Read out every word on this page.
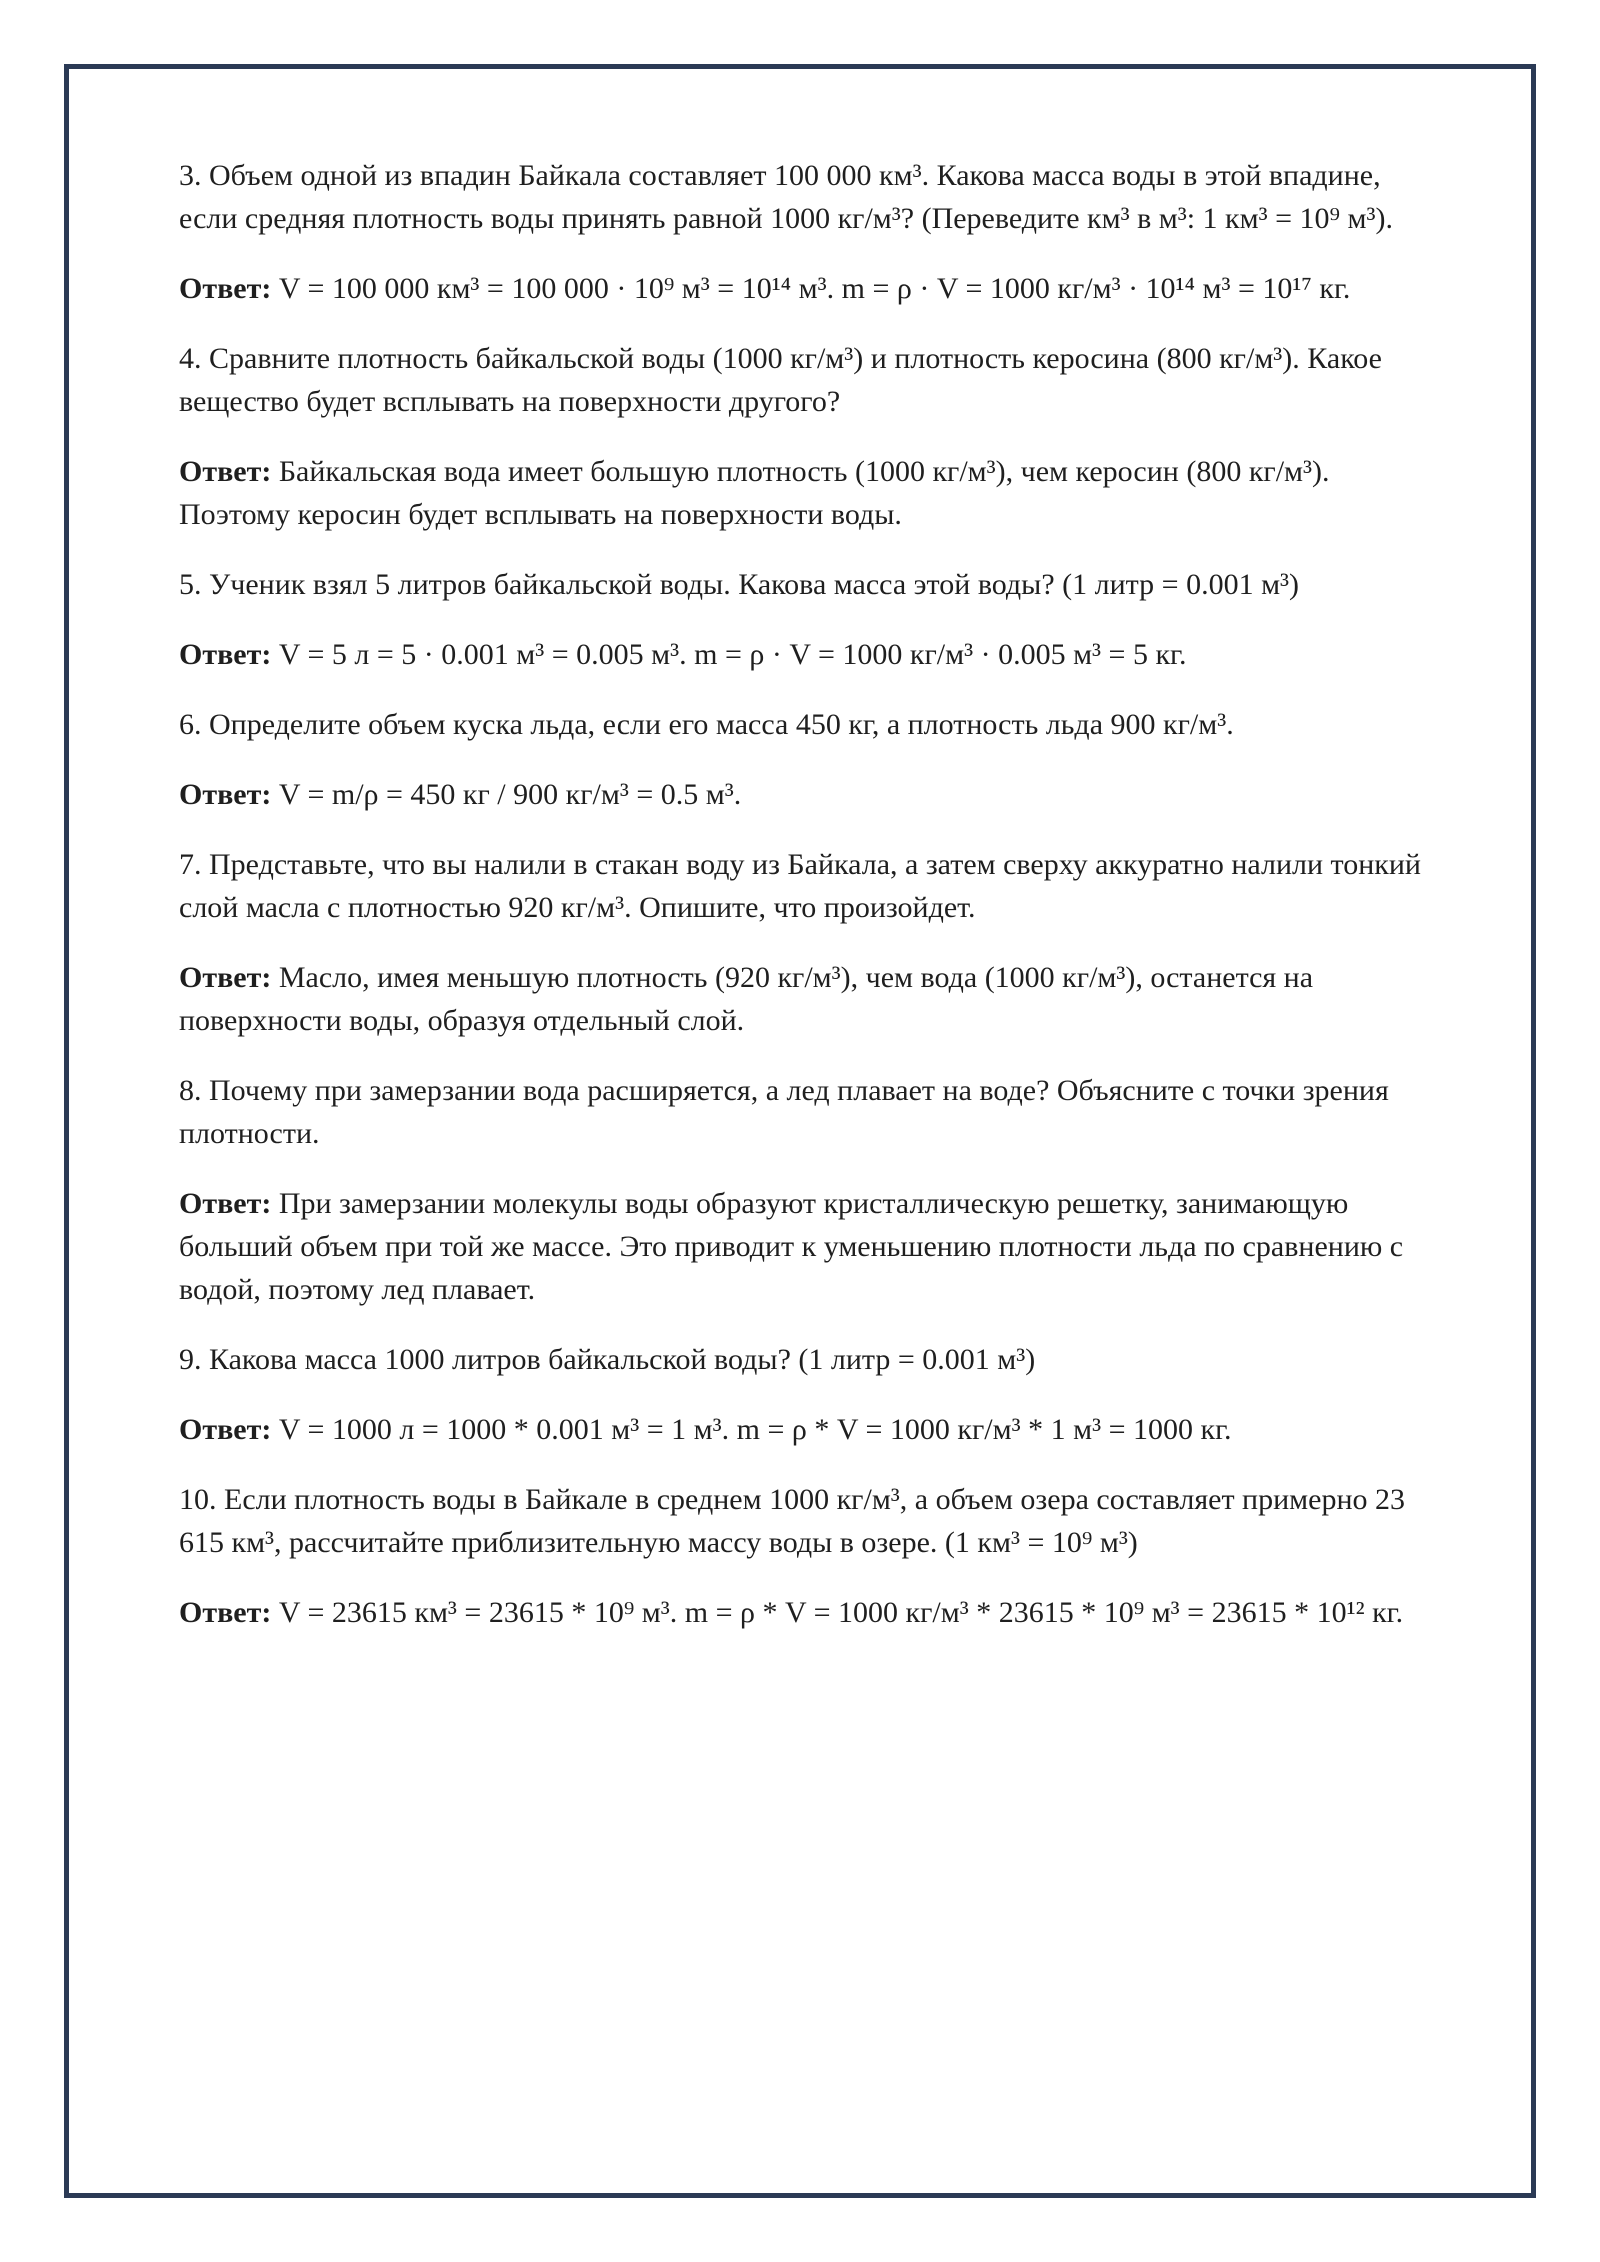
3. Объем одной из впадин Байкала составляет 100 000 км³. Какова масса воды в этой впадине, если средняя плотность воды принять равной 1000 кг/м³? (Переведите км³ в м³: 1 км³ = 10⁹ м³).

Ответ: V = 100 000 км³ = 100 000 · 10⁹ м³ = 10¹⁴ м³. m = ρ · V = 1000 кг/м³ · 10¹⁴ м³ = 10¹⁷ кг.

4. Сравните плотность байкальской воды (1000 кг/м³) и плотность керосина (800 кг/м³). Какое вещество будет всплывать на поверхности другого?

Ответ: Байкальская вода имеет большую плотность (1000 кг/м³), чем керосин (800 кг/м³). Поэтому керосин будет всплывать на поверхности воды.

5. Ученик взял 5 литров байкальской воды. Какова масса этой воды? (1 литр = 0.001 м³)

Ответ: V = 5 л = 5 · 0.001 м³ = 0.005 м³. m = ρ · V = 1000 кг/м³ · 0.005 м³ = 5 кг.

6. Определите объем куска льда, если его масса 450 кг, а плотность льда 900 кг/м³.

Ответ: V = m/ρ = 450 кг / 900 кг/м³ = 0.5 м³.

7. Представьте, что вы налили в стакан воду из Байкала, а затем сверху аккуратно налили тонкий слой масла с плотностью 920 кг/м³. Опишите, что произойдет.

Ответ: Масло, имея меньшую плотность (920 кг/м³), чем вода (1000 кг/м³), останется на поверхности воды, образуя отдельный слой.

8. Почему при замерзании вода расширяется, а лед плавает на воде? Объясните с точки зрения плотности.

Ответ: При замерзании молекулы воды образуют кристаллическую решетку, занимающую больший объем при той же массе. Это приводит к уменьшению плотности льда по сравнению с водой, поэтому лед плавает.

9. Какова масса 1000 литров байкальской воды? (1 литр = 0.001 м³)

Ответ: V = 1000 л = 1000 * 0.001 м³ = 1 м³. m = ρ * V = 1000 кг/м³ * 1 м³ = 1000 кг.

10. Если плотность воды в Байкале в среднем 1000 кг/м³, а объем озера составляет примерно 23 615 км³, рассчитайте приблизительную массу воды в озере. (1 км³ = 10⁹ м³)

Ответ: V = 23615 км³ = 23615 * 10⁹ м³. m = ρ * V = 1000 кг/м³ * 23615 * 10⁹ м³ = 23615 * 10¹² кг.
